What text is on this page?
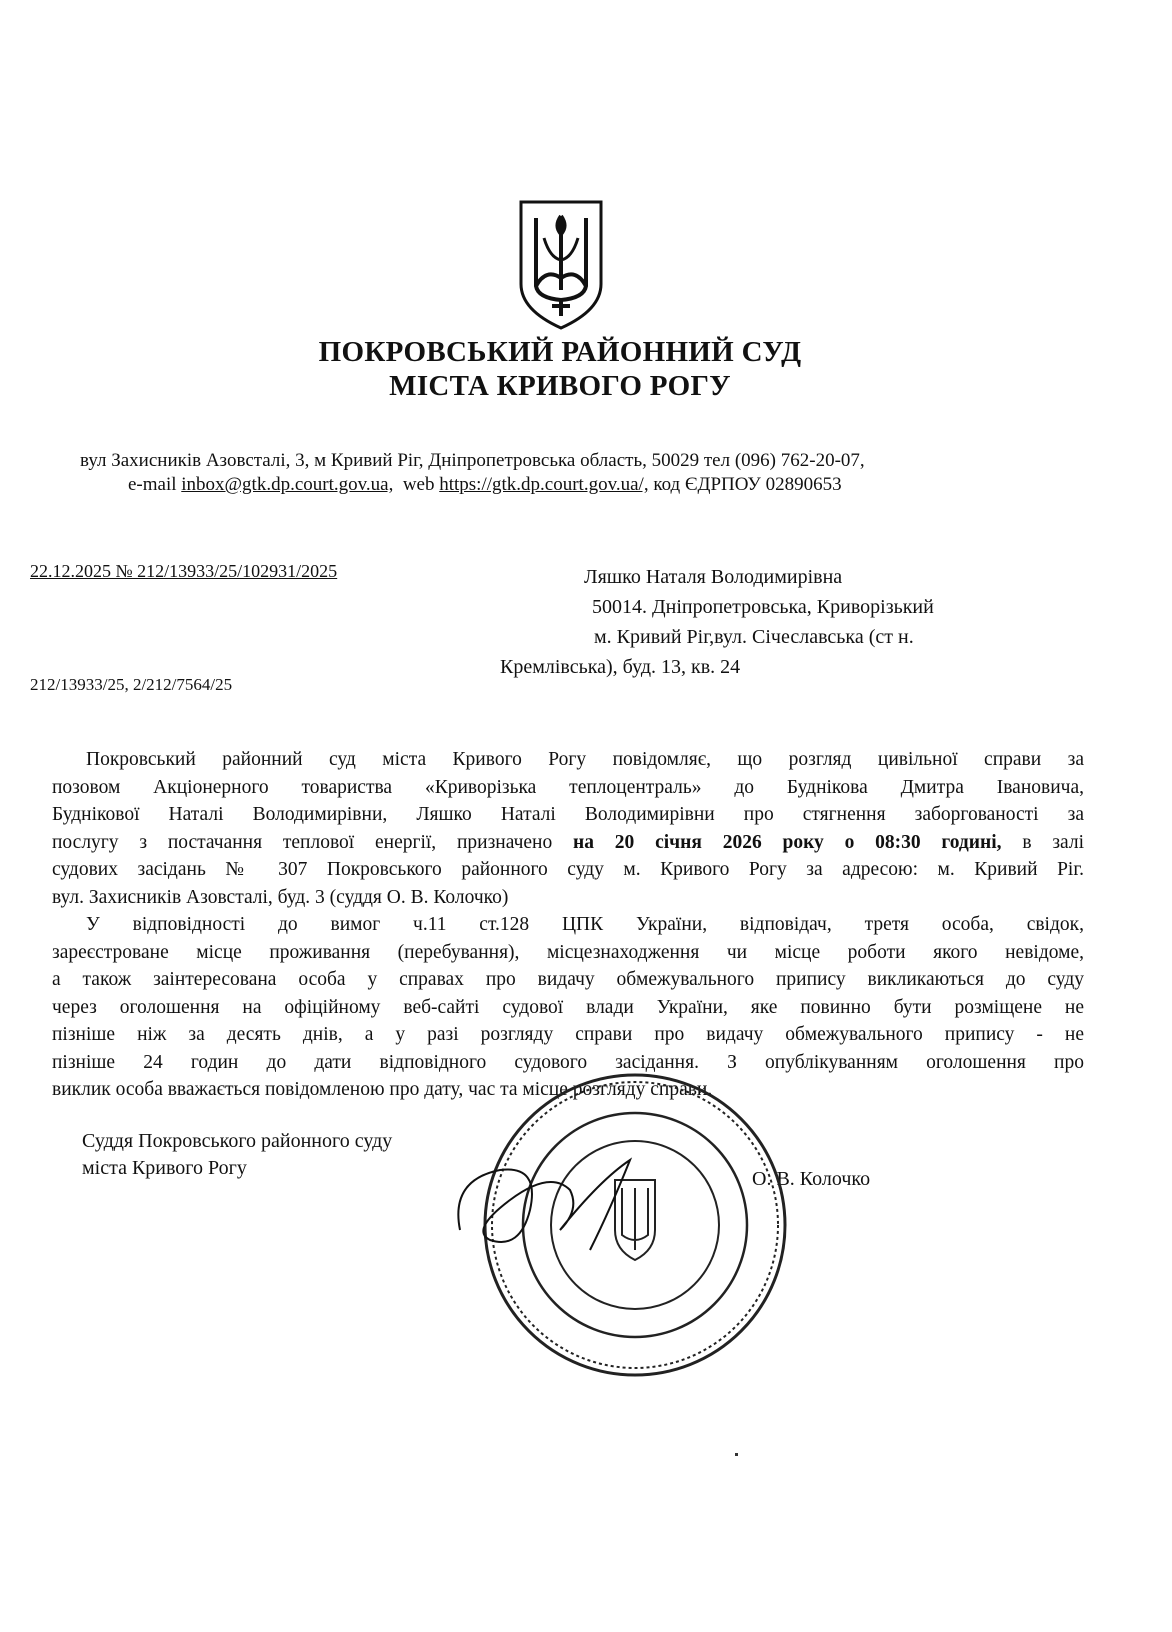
ПОКРОВСЬКИЙ РАЙОННИЙ СУД
МІСТА КРИВОГО РОГУ
вул Захисників Азовсталі, 3, м Кривий Ріг, Дніпропетровська область, 50029 тел (096) 762-20-07,
e-mail inbox@gtk.dp.court.gov.ua, web https://gtk.dp.court.gov.ua/, код ЄДРПОУ 02890653
22.12.2025 № 212/13933/25/102931/2025	Ляшко Наталя Володимирівна
50014. Дніпропетровська, Криворізький
м. Кривий Ріг,вул. Січеславська (ст н.
Кремлівська), буд. 13, кв. 24
212/13933/25, 2/212/7564/25
Покровський районний суд міста Кривого Рогу повідомляє, що розгляд цивільної справи за
позовом Акціонерного товариства «Криворізька теплоцентраль» до Буднікова Дмитра Івановича,
Буднікової Наталі Володимирівни, Ляшко Наталі Володимирівни про стягнення заборгованості за
послугу з постачання теплової енергії, призначено на 20 січня 2026 року о 08:30 годині, в залі
судових засідань № 307 Покровського районного суду м. Кривого Рогу за адресою: м. Кривий Ріг.
вул. Захисників Азовсталі, буд. 3 (суддя О. В. Колочко)
У відповідності до вимог ч.11 ст.128 ЦПК України, відповідач, третя особа, свідок,
зареєстроване місце проживання (перебування), місцезнаходження чи місце роботи якого невідоме,
а також заінтересована особа у справах про видачу обмежувального припису викликаються до суду
через оголошення на офіційному веб-сайті судової влади України, яке повинно бути розміщене не
пізніше ніж за десять днів, а у разі розгляду справи про видачу обмежувального припису - не
пізніше 24 годин до дати відповідного судового засідання. З опублікуванням оголошення про
виклик особа вважається повідомленою про дату, час та місце розгляду справи.
Суддя Покровського районного суду
міста Кривого Рогу	О. В. Колочко
